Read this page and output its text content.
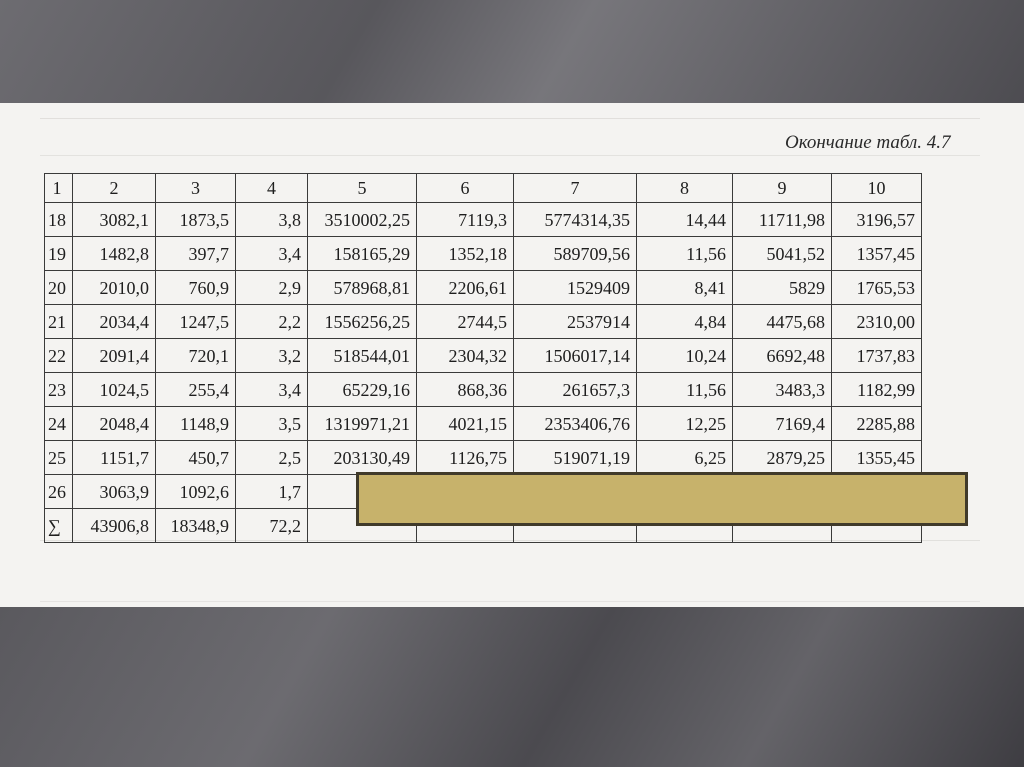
Окончание табл. 4.7
1	2	3	4	5	6	7	8	9	10
18	3082,1	1873,5	3,8	3510002,25	7119,3	5774314,35	14,44	11711,98	3196,57
19	1482,8	397,7	3,4	158165,29	1352,18	589709,56	11,56	5041,52	1357,45
20	2010,0	760,9	2,9	578968,81	2206,61	1529409	8,41	5829	1765,53
21	2034,4	1247,5	2,2	1556256,25	2744,5	2537914	4,84	4475,68	2310,00
22	2091,4	720,1	3,2	518544,01	2304,32	1506017,14	10,24	6692,48	1737,83
23	1024,5	255,4	3,4	65229,16	868,36	261657,3	11,56	3483,3	1182,99
24	2048,4	1148,9	3,5	1319971,21	4021,15	2353406,76	12,25	7169,4	2285,88
25	1151,7	450,7	2,5	203130,49	1126,75	519071,19	6,25	2879,25	1355,45
26	3063,9	1092,6	1,7						
∑	43906,8	18348,9	72,2						
